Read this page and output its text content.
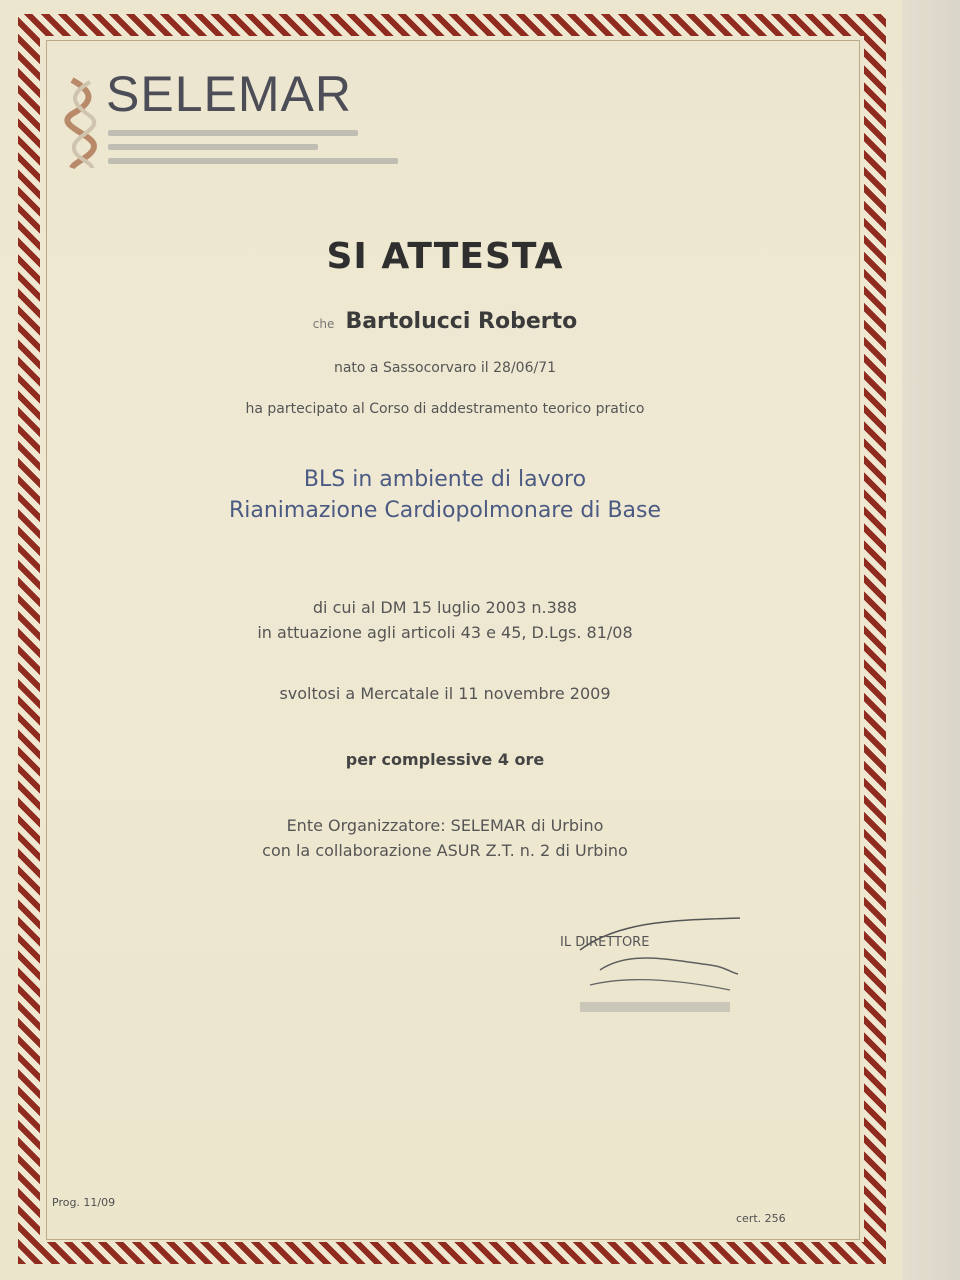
SELEMAR
SI ATTESTA
che Bartolucci Roberto
nato a Sassocorvaro il 28/06/71
ha partecipato al Corso di addestramento teorico pratico
BLS in ambiente di lavoro
Rianimazione Cardiopolmonare di Base
di cui al DM 15 luglio 2003 n.388
in attuazione agli articoli 43 e 45, D.Lgs. 81/08
svoltosi a Mercatale il 11 novembre 2009
per complessive 4 ore
Ente Organizzatore: SELEMAR di Urbino
con la collaborazione ASUR Z.T. n. 2 di Urbino
IL DIRETTORE
Prog. 11/09
cert. 256
